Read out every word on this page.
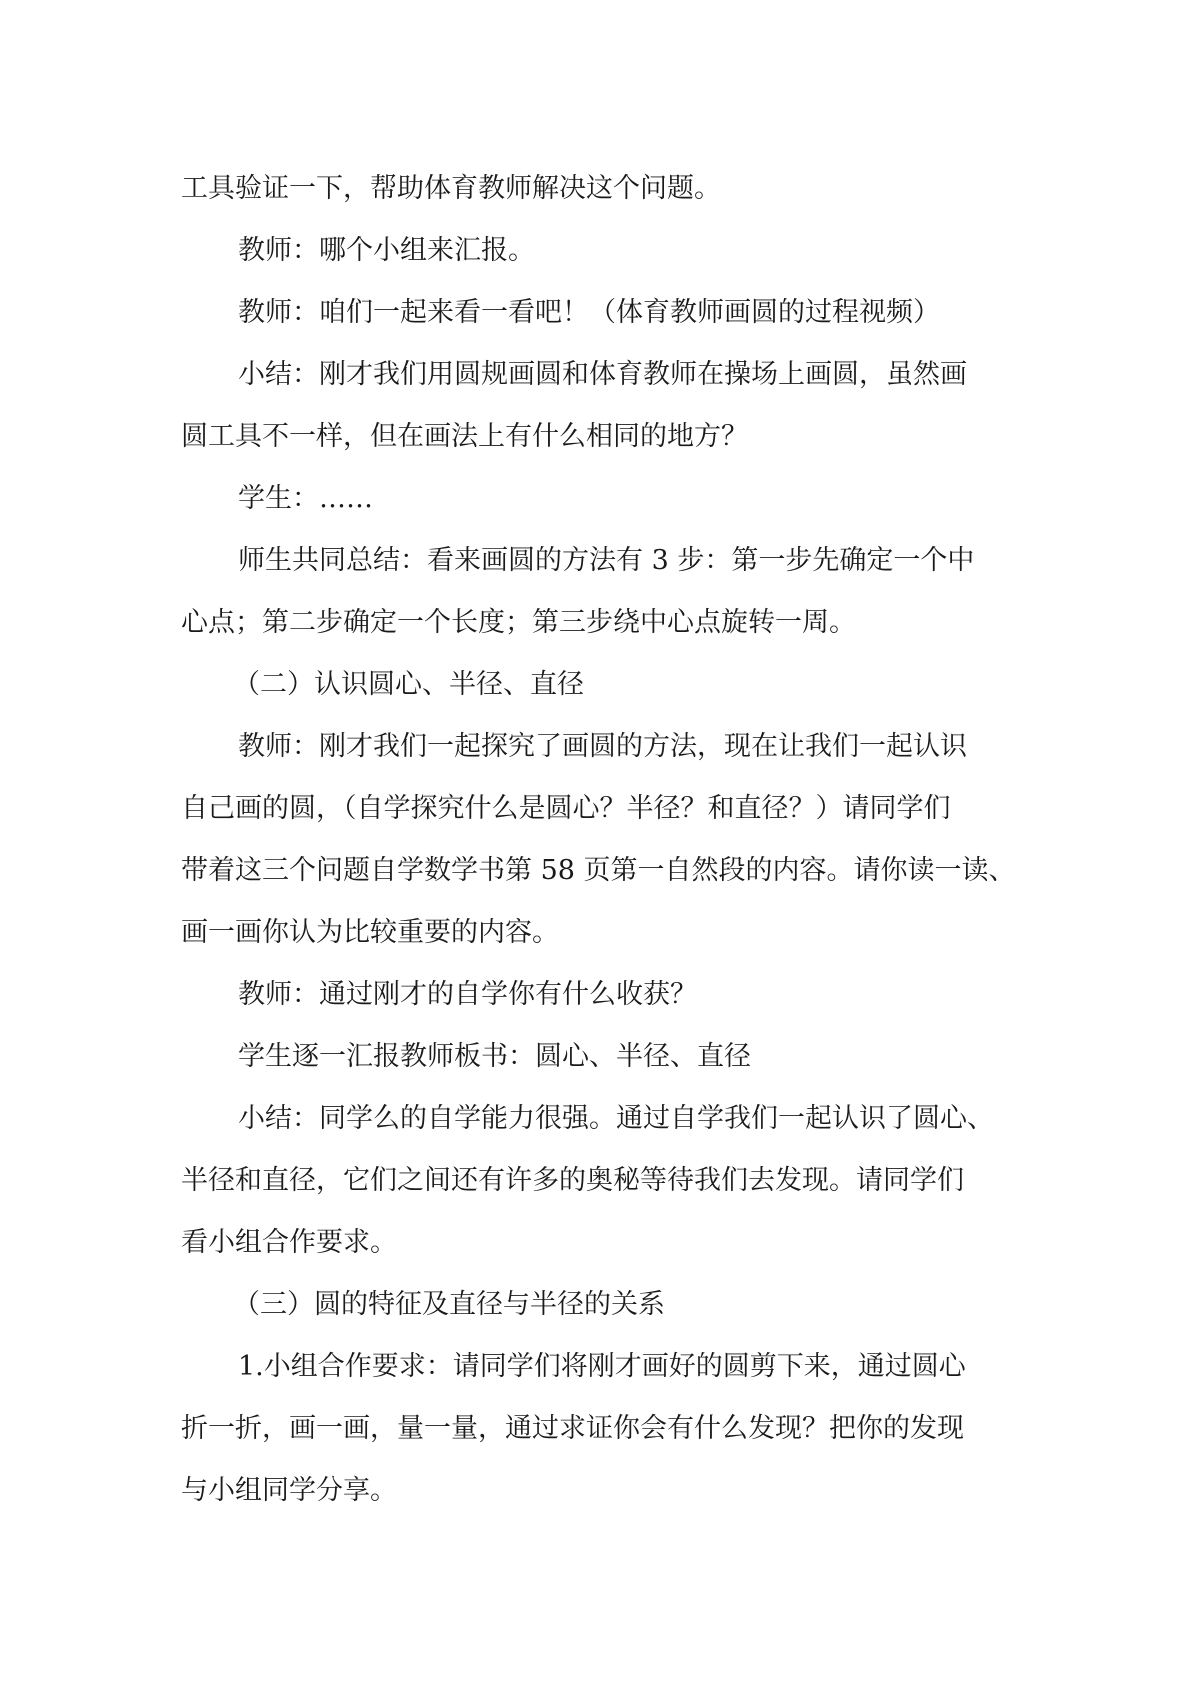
工具验证一下，帮助体育教师解决这个问题。
教师：哪个小组来汇报。
教师：咱们一起来看一看吧！（体育教师画圆的过程视频）
小结：刚才我们用圆规画圆和体育教师在操场上画圆，虽然画
圆工具不一样，但在画法上有什么相同的地方？
学生：……
师生共同总结：看来画圆的方法有 3 步：第一步先确定一个中
心点；第二步确定一个长度；第三步绕中心点旋转一周。
（二）认识圆心、半径、直径
教师：刚才我们一起探究了画圆的方法，现在让我们一起认识
自己画的圆，（自学探究什么是圆心？半径？和直径？）请同学们
带着这三个问题自学数学书第 58 页第一自然段的内容。请你读一读、
画一画你认为比较重要的内容。
教师：通过刚才的自学你有什么收获？
学生逐一汇报教师板书：圆心、半径、直径
小结：同学么的自学能力很强。通过自学我们一起认识了圆心、
半径和直径，它们之间还有许多的奥秘等待我们去发现。请同学们
看小组合作要求。
（三）圆的特征及直径与半径的关系
1.小组合作要求：请同学们将刚才画好的圆剪下来，通过圆心
折一折，画一画，量一量，通过求证你会有什么发现？把你的发现
与小组同学分享。
